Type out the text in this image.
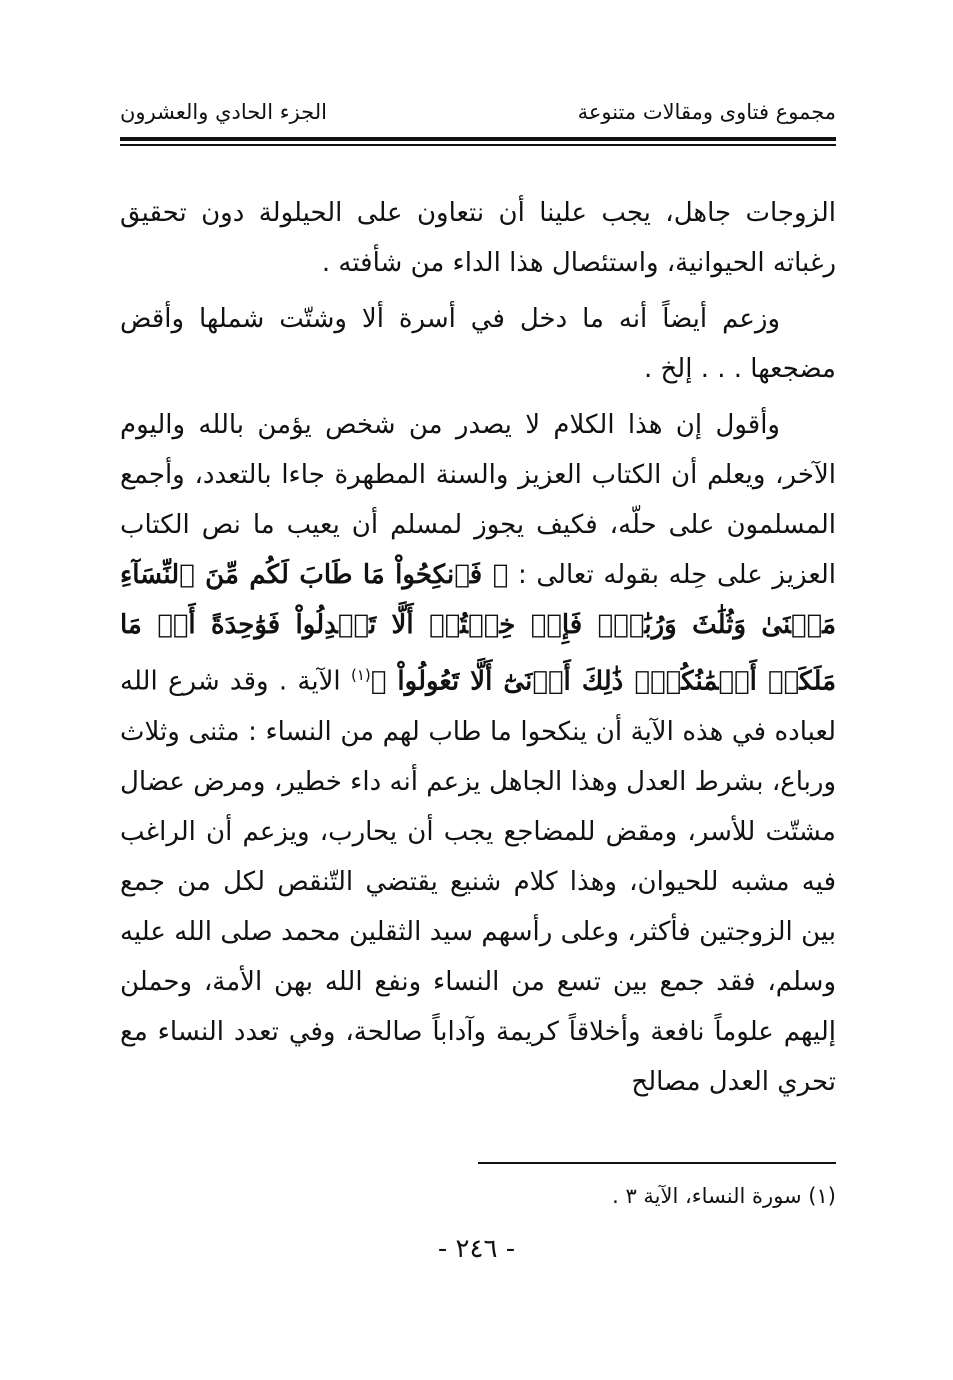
مجموع فتاوى ومقالات متنوعة
الجزء الحادي والعشرون

الزوجات جاهل، يجب علينا أن نتعاون على الحيلولة دون تحقيق رغباته الحيوانية، واستئصال هذا الداء من شأفته .

وزعم أيضاً أنه ما دخل في أسرة ألا وشتّت شملها وأقض مضجعها . . . إلخ .

وأقول إن هذا الكلام لا يصدر من شخص يؤمن بالله واليوم الآخر، ويعلم أن الكتاب العزيز والسنة المطهرة جاءا بالتعدد، وأجمع المسلمون على حلّه، فكيف يجوز لمسلم أن يعيب ما نص الكتاب العزيز على حِله بقوله تعالى : ﴿ فَٱنكِحُواْ مَا طَابَ لَكُم مِّنَ ٱلنِّسَآءِ مَثۡنَىٰ وَثُلَٰثَ وَرُبَٰعَۖ فَإِنۡ خِفۡتُمۡ أَلَّا تَعۡدِلُواْ فَوَٰحِدَةً أَوۡ مَا مَلَكَتۡ أَيۡمَٰنُكُمۡۚ ذَٰلِكَ أَدۡنَىٰٓ أَلَّا تَعُولُواْ ﴾$^{(١)}$ الآية . وقد شرع الله لعباده في هذه الآية أن ينكحوا ما طاب لهم من النساء : مثنى وثلاث ورباع، بشرط العدل وهذا الجاهل يزعم أنه داء خطير، ومرض عضال مشتّت للأسر، ومقض للمضاجع يجب أن يحارب، ويزعم أن الراغب فيه مشبه للحيوان، وهذا كلام شنيع يقتضي التّنقص لكل من جمع بين الزوجتين فأكثر، وعلى رأسهم سيد الثقلين محمد صلى الله عليه وسلم، فقد جمع بين تسع من النساء ونفع الله بهن الأمة، وحملن إليهم علوماً نافعة وأخلاقاً كريمة وآداباً صالحة، وفي تعدد النساء مع تحري العدل مصالح

(١) سورة النساء، الآية ٣ .
- ٢٤٦ -
